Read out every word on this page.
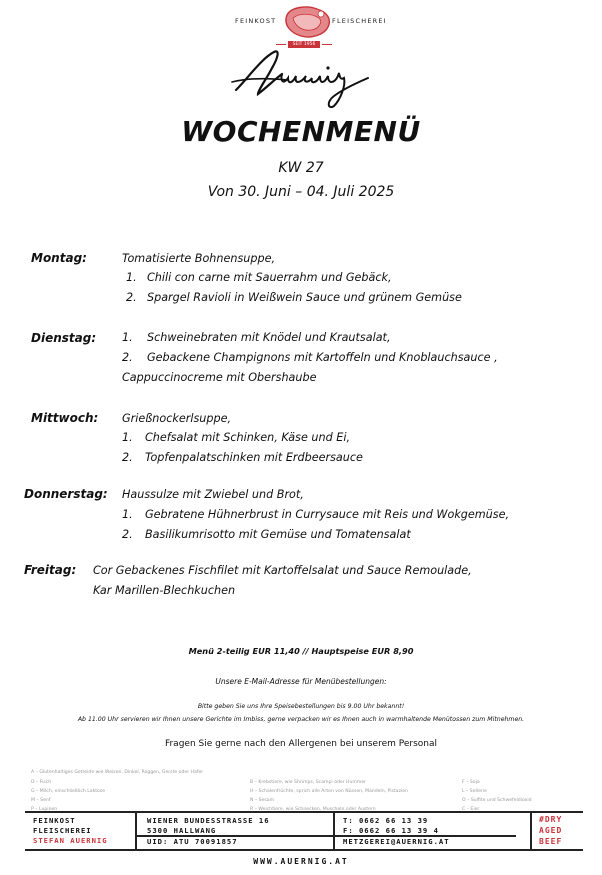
FEINKOST	FLEISCHEREI
SEIT 1956
WOCHENMENÜ
KW 27
Von 30. Juni – 04. Juli 2025
Montag:	Tomatisierte Bohnensuppe,
1. Chili con carne mit Sauerrahm und Gebäck,
2. Spargel Ravioli in Weißwein Sauce und grünem Gemüse
Dienstag: 1. Schweinebraten mit Knödel und Krautsalat,
2. Gebackene Champignons mit Kartoffeln und Knoblauchsauce ,
Cappuccinocreme mit Obershaube
Mittwoch: Grießnockerlsuppe,
1. Chefsalat mit Schinken, Käse und Ei,
2. Topfenpalatschinken mit Erdbeersauce
Donnerstag: Haussulze mit Zwiebel und Brot,
1. Gebratene Hühnerbrust in Currysauce mit Reis und Wokgemüse,
2. Basilikumrisotto mit Gemüse und Tomatensalat
Freitag: Cor Gebackenes Fischfilet mit Kartoffelsalat und Sauce Remoulade,
Kar Marillen-Blechkuchen
Menü 2-teilig EUR 11,40 // Hauptspeise EUR 8,90
Unsere E-Mail-Adresse für Menübestellungen:
Bitte geben Sie uns Ihre Speisebestellungen bis 9.00 Uhr bekannt!
Ab 11.00 Uhr servieren wir Ihnen unsere Gerichte im Imbiss, gerne verpacken wir es Ihnen auch in warmhaltende Menütossen zum Mitnehmen.
Fragen Sie gerne nach den Allergenen bei unserem Personal
A – Glutenhaltiges Getreide wie Weizen, Dinkel, Roggen, Gerste oder Hafer
D – Fisch
G – Milch, einschließlich Laktose
M – Senf
P – Lupinen
B – Krebstiere, wie Shrimps, Scampi oder Hummer
H – Schalenfrüchte, sprich alle Arten von Nüssen, Mandeln, Pistazien
N – Sesam
R – Weichtiere, wie Schnecken, Muscheln oder Austern
F – Soja
L – Sellerie
O – Sulfite und Schwefeldioxid
C – Eier
FEINKOST
FLEISCHEREI
STEFAN AUERNIG
WIENER BUNDESSTRASSE 16
5300 HALLWANG
UID: ATU 70091857
T: 0662 66 13 39
F: 0662 66 13 39 4
METZGEREI@AUERNIG.AT
#DRY
AGED
BEEF
WWW.AUERNIG.AT
